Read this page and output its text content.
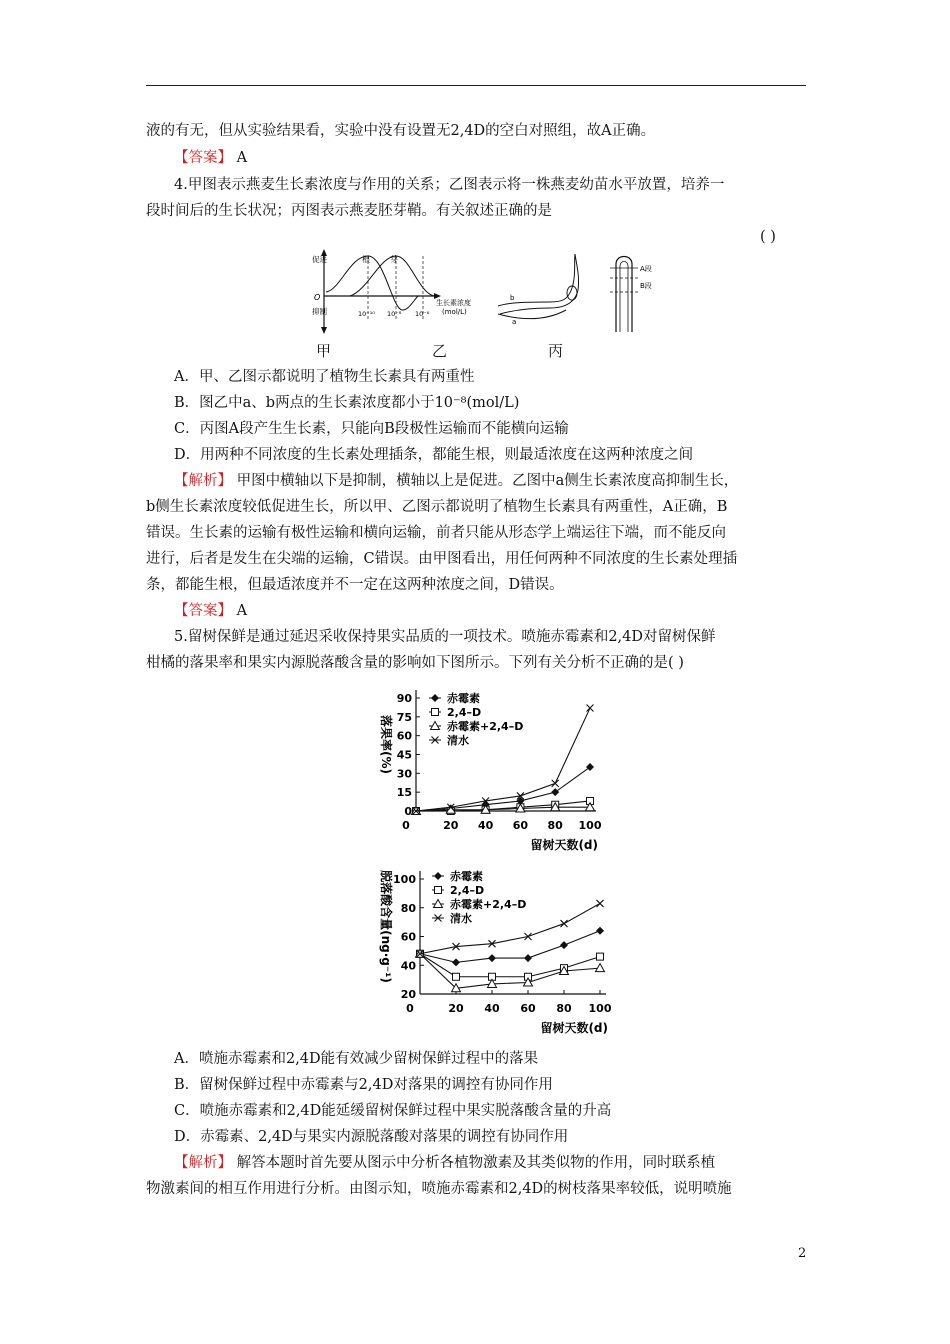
液的有无，但从实验结果看，实验中没有设置无2,4D的空白对照组，故A正确。
【答案】 A
4.甲图表示燕麦生长素浓度与作用的关系；乙图表示将一株燕麦幼苗水平放置，培养一
段时间后的生长状况；丙图表示燕麦胚芽鞘。有关叙述正确的是
( )
促进
抑制
O
根	芽
10⁻¹⁰ 10⁻⁸ 10⁻⁶
生长素浓度
(mol/L)
b
a
A段
B段
甲	乙	丙
A．甲、乙图示都说明了植物生长素具有两重性
B．图乙中a、b两点的生长素浓度都小于10⁻⁸(mol/L)
C．丙图A段产生生长素，只能向B段极性运输而不能横向运输
D．用两种不同浓度的生长素处理插条，都能生根，则最适浓度在这两种浓度之间
【解析】 甲图中横轴以下是抑制，横轴以上是促进。乙图中a侧生长素浓度高抑制生长，
b侧生长素浓度较低促进生长，所以甲、乙图示都说明了植物生长素具有两重性，A正确，B
错误。生长素的运输有极性运输和横向运输，前者只能从形态学上端运往下端，而不能反向
进行，后者是发生在尖端的运输，C错误。由甲图看出，用任何两种不同浓度的生长素处理插
条，都能生根，但最适浓度并不一定在这两种浓度之间，D错误。
【答案】 A
5.留树保鲜是通过延迟采收保持果实品质的一项技术。喷施赤霉素和2,4D对留树保鲜
柑橘的落果率和果实内源脱落酸含量的影响如下图所示。下列有关分析不正确的是( )
0
15
30
45
60
75
90
0	20 40 60 80 100
留树天数(d)
落果率(%)
赤霉素
2,4–D
赤霉素+2,4–D
清水
20
40
60
80
100
0	20 40 60 80 100
留树天数(d)
脱落酸含量(ng·g⁻¹)	赤霉素
2,4–D
赤霉素+2,4–D
清水
A．喷施赤霉素和2,4D能有效减少留树保鲜过程中的落果
B．留树保鲜过程中赤霉素与2,4D对落果的调控有协同作用
C．喷施赤霉素和2,4D能延缓留树保鲜过程中果实脱落酸含量的升高
D．赤霉素、2,4D与果实内源脱落酸对落果的调控有协同作用
【解析】 解答本题时首先要从图示中分析各植物激素及其类似物的作用，同时联系植
物激素间的相互作用进行分析。由图示知，喷施赤霉素和2,4D的树枝落果率较低，说明喷施
2
